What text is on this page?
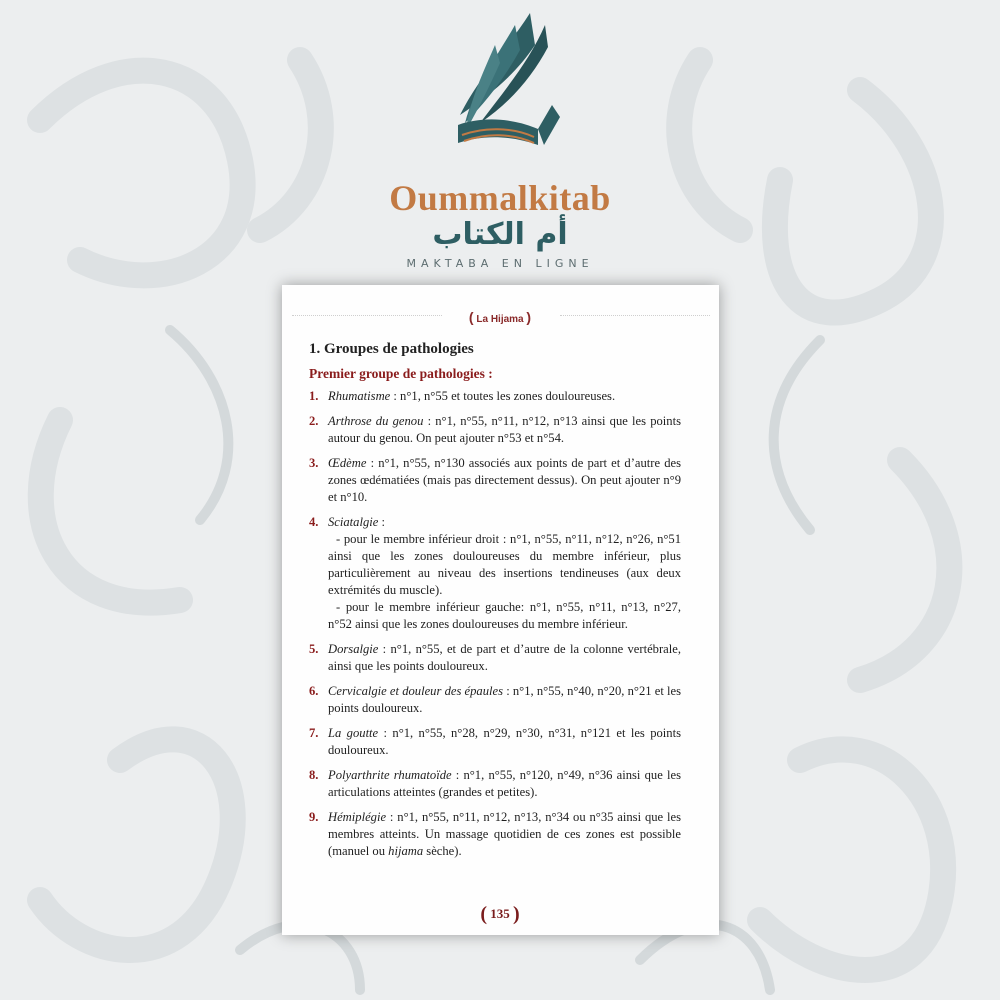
Oummalkitab
أم الكتاب
MAKTABA EN LIGNE
( La Hijama )
1. Groupes de pathologies
Premier groupe de pathologies :
1. Rhumatisme : n°1, n°55 et toutes les zones douloureuses.
2. Arthrose du genou : n°1, n°55, n°11, n°12, n°13 ainsi que les points autour du genou. On peut ajouter n°53 et n°54.
3. Œdème : n°1, n°55, n°130 associés aux points de part et d’autre des zones œdématiées (mais pas directement dessus). On peut ajouter n°9 et n°10.
4. Sciatalgie :
- pour le membre inférieur droit : n°1, n°55, n°11, n°12, n°26, n°51 ainsi que les zones douloureuses du membre inférieur, plus particulièrement au niveau des insertions tendineuses (aux deux extrémités du muscle).
- pour le membre inférieur gauche: n°1, n°55, n°11, n°13, n°27, n°52 ainsi que les zones douloureuses du membre inférieur.
5. Dorsalgie : n°1, n°55, et de part et d’autre de la colonne vertébrale, ainsi que les points douloureux.
6. Cervicalgie et douleur des épaules : n°1, n°55, n°40, n°20, n°21 et les points douloureux.
7. La goutte : n°1, n°55, n°28, n°29, n°30, n°31, n°121 et les points douloureux.
8. Polyarthrite rhumatoïde : n°1, n°55, n°120, n°49, n°36 ainsi que les articulations atteintes (grandes et petites).
9. Hémiplégie : n°1, n°55, n°11, n°12, n°13, n°34 ou n°35 ainsi que les membres atteints. Un massage quotidien de ces zones est possible (manuel ou hijama sèche).
( 135 )
